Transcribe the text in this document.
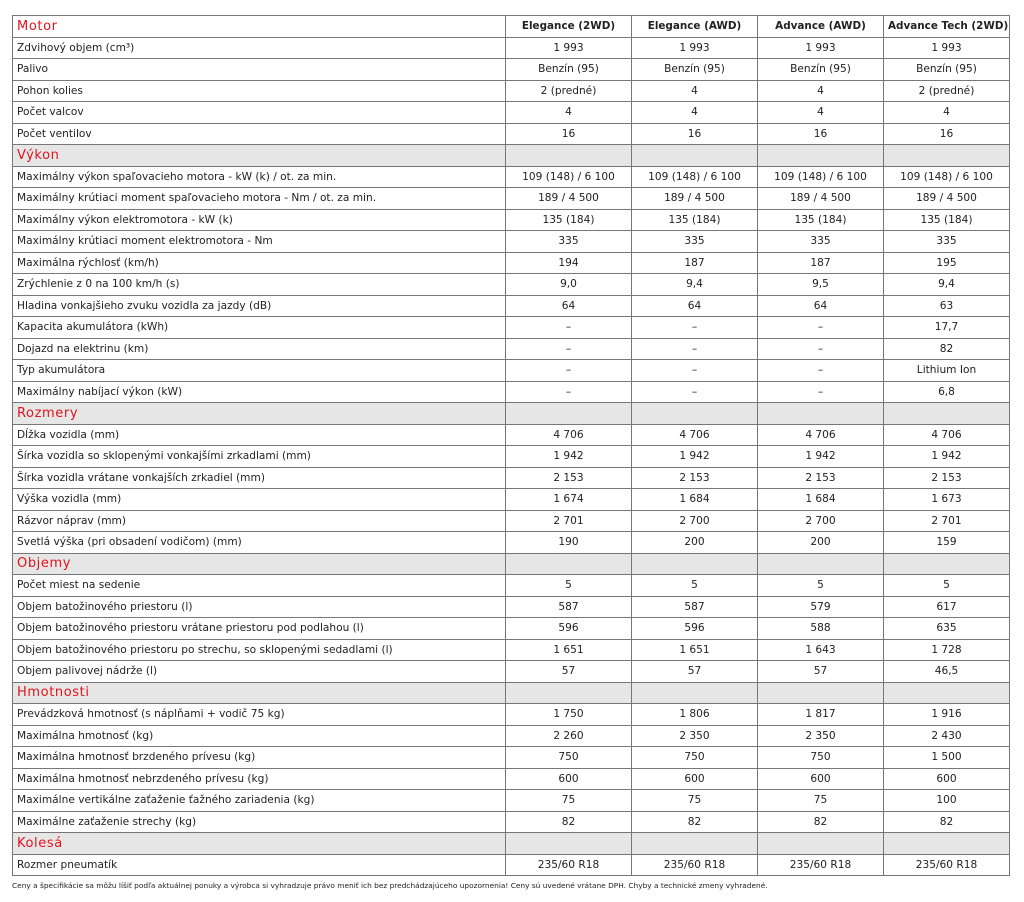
Motor	Elegance (2WD)	Elegance (AWD)	Advance (AWD)	Advance Tech (2WD)
Zdvihový objem (cm³)	1 993	1 993	1 993	1 993
Palivo	Benzín (95)	Benzín (95)	Benzín (95)	Benzín (95)
Pohon kolies	2 (predné)	4	4	2 (predné)
Počet valcov	4	4	4	4
Počet ventilov	16	16	16	16
Výkon				
Maximálny výkon spaľovacieho motora - kW (k) / ot. za min.	109 (148) / 6 100	109 (148) / 6 100	109 (148) / 6 100	109 (148) / 6 100
Maximálny krútiaci moment spaľovacieho motora - Nm / ot. za min.	189 / 4 500	189 / 4 500	189 / 4 500	189 / 4 500
Maximálny výkon elektromotora - kW (k)	135 (184)	135 (184)	135 (184)	135 (184)
Maximálny krútiaci moment elektromotora - Nm	335	335	335	335
Maximálna rýchlosť (km/h)	194	187	187	195
Zrýchlenie z 0 na 100 km/h (s)	9,0	9,4	9,5	9,4
Hladina vonkajšieho zvuku vozidla za jazdy (dB)	64	64	64	63
Kapacita akumulátora (kWh)	–	–	–	17,7
Dojazd na elektrinu (km)	–	–	–	82
Typ akumulátora	–	–	–	Lithium Ion
Maximálny nabíjací výkon (kW)	–	–	–	6,8
Rozmery				
Dĺžka vozidla (mm)	4 706	4 706	4 706	4 706
Šírka vozidla so sklopenými vonkajšími zrkadlami (mm)	1 942	1 942	1 942	1 942
Šírka vozidla vrátane vonkajších zrkadiel (mm)	2 153	2 153	2 153	2 153
Výška vozidla (mm)	1 674	1 684	1 684	1 673
Rázvor náprav (mm)	2 701	2 700	2 700	2 701
Svetlá výška (pri obsadení vodičom) (mm)	190	200	200	159
Objemy				
Počet miest na sedenie	5	5	5	5
Objem batožinového priestoru (l)	587	587	579	617
Objem batožinového priestoru vrátane priestoru pod podlahou (l)	596	596	588	635
Objem batožinového priestoru po strechu, so sklopenými sedadlami (l)	1 651	1 651	1 643	1 728
Objem palivovej nádrže (l)	57	57	57	46,5
Hmotnosti				
Prevádzková hmotnosť (s náplňami + vodič 75 kg)	1 750	1 806	1 817	1 916
Maximálna hmotnosť (kg)	2 260	2 350	2 350	2 430
Maximálna hmotnosť brzdeného prívesu (kg)	750	750	750	1 500
Maximálna hmotnosť nebrzdeného prívesu (kg)	600	600	600	600
Maximálne vertikálne zaťaženie ťažného zariadenia (kg)	75	75	75	100
Maximálne zaťaženie strechy (kg)	82	82	82	82
Kolesá				
Rozmer pneumatík	235/60 R18	235/60 R18	235/60 R18	235/60 R18
Ceny a špecifikácie sa môžu líšiť podľa aktuálnej ponuky a výrobca si vyhradzuje právo meniť ich bez predchádzajúceho upozornenia! Ceny sú uvedené vrátane DPH. Chyby a technické zmeny vyhradené.
